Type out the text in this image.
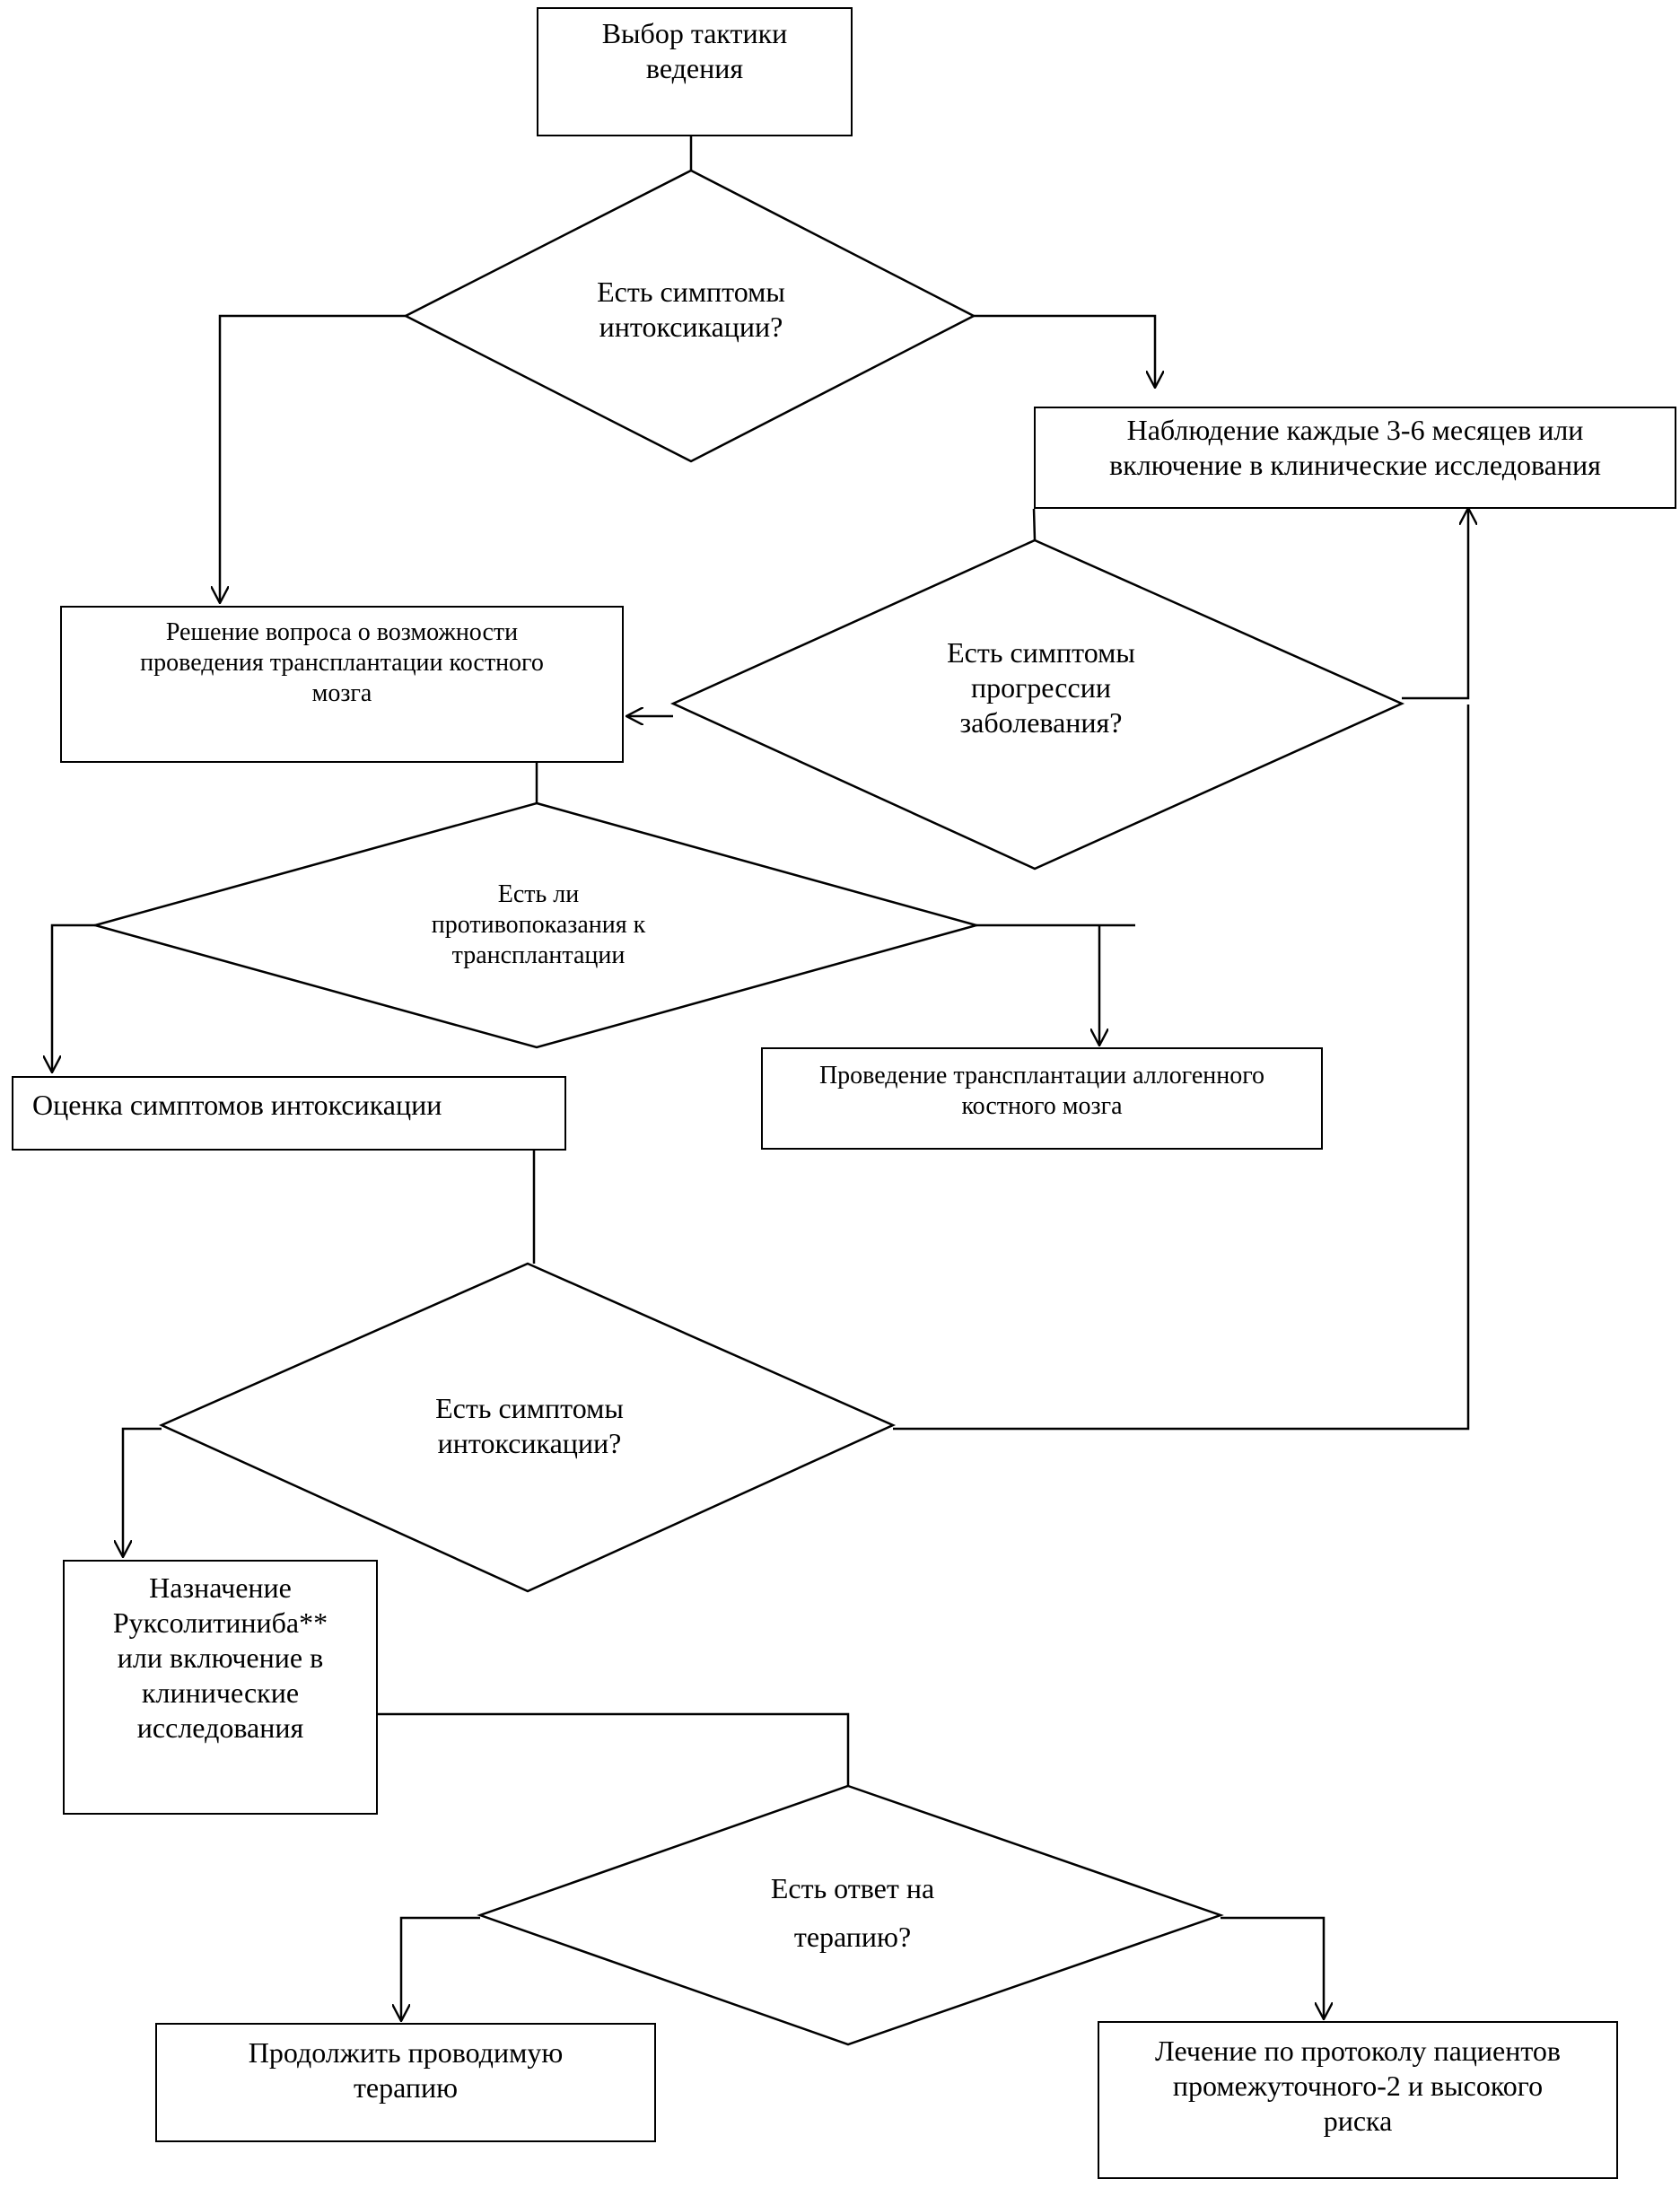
Выбор тактики
ведения
Наблюдение каждые 3-6 месяцев или
включение в клинические исследования
Решение вопроса о возможности
проведения трансплантации костного
мозга
Оценка симптомов интоксикации
Проведение трансплантации аллогенного
костного мозга
Назначение
Руксолитиниба**
или включение в
клинические
исследования
Продолжить проводимую
терапию
Лечение по протоколу пациентов
промежуточного-2 и высокого
риска
Есть симптомы
интоксикации?
Есть симптомы
прогрессии
заболевания?
Есть ли
противопоказания к
трансплантации
Есть симптомы
интоксикации?
Есть ответ на
терапию?
